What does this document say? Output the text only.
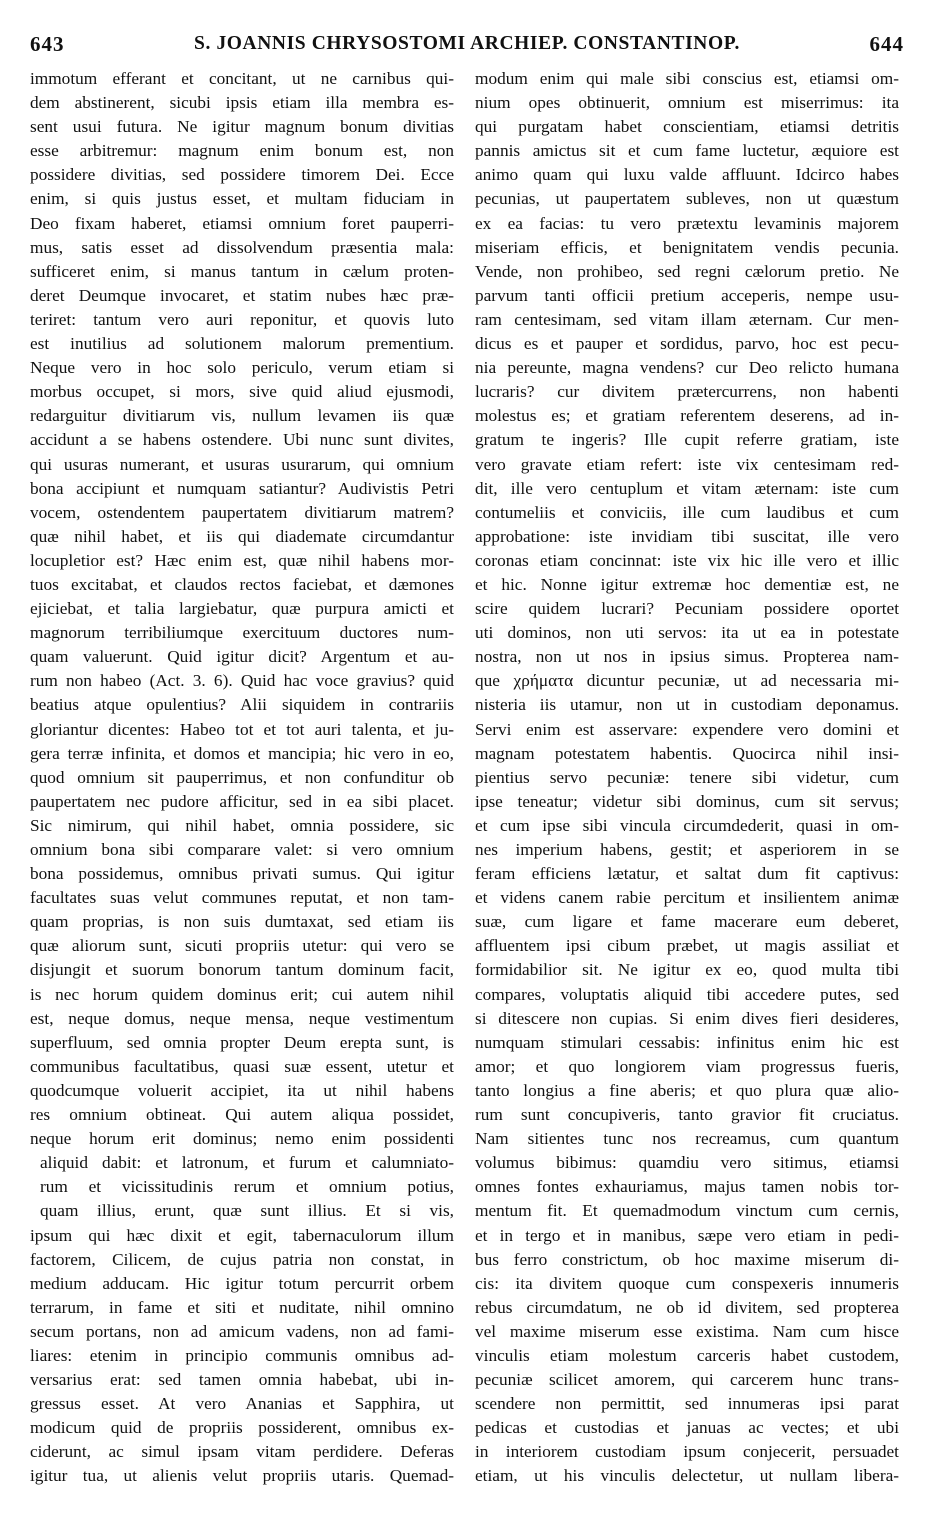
643	S. JOANNIS CHRYSOSTOMI ARCHIEP. CONSTANTINOP.	644
immotum efferant et concitant, ut ne carnibus qui-
dem abstinerent, sicubi ipsis etiam illa membra es-
sent usui futura. Ne igitur magnum bonum divitias
esse arbitremur: magnum enim bonum est, non
possidere divitias, sed possidere timorem Dei. Ecce
enim, si quis justus esset, et multam fiduciam in
Deo fixam haberet, etiamsi omnium foret pauperri-
mus, satis esset ad dissolvendum præsentia mala:
sufficeret enim, si manus tantum in cælum proten-
deret Deumque invocaret, et statim nubes hæc præ-
teriret: tantum vero auri reponitur, et quovis luto
est inutilius ad solutionem malorum prementium.
Neque vero in hoc solo periculo, verum etiam si
morbus occupet, si mors, sive quid aliud ejusmodi,
redarguitur divitiarum vis, nullum levamen iis quæ
accidunt a se habens ostendere. Ubi nunc sunt divites,
qui usuras numerant, et usuras usurarum, qui omnium
bona accipiunt et numquam satiantur? Audivistis Petri
vocem, ostendentem paupertatem divitiarum matrem?
quæ nihil habet, et iis qui diademate circumdantur
locupletior est? Hæc enim est, quæ nihil habens mor-
tuos excitabat, et claudos rectos faciebat, et dæmones
ejiciebat, et talia largiebatur, quæ purpura amicti et
magnorum terribiliumque exercituum ductores num-
quam valuerunt. Quid igitur dicit? Argentum et au-
rum non habeo (Act. 3. 6). Quid hac voce gravius? quid
beatius atque opulentius? Alii siquidem in contrariis
gloriantur dicentes: Habeo tot et tot auri talenta, et ju-
gera terræ infinita, et domos et mancipia; hic vero in eo,
quod omnium sit pauperrimus, et non confunditur ob
paupertatem nec pudore afficitur, sed in ea sibi placet.
Sic nimirum, qui nihil habet, omnia possidere, sic
omnium bona sibi comparare valet: si vero omnium
bona possidemus, omnibus privati sumus. Qui igitur
facultates suas velut communes reputat, et non tam-
quam proprias, is non suis dumtaxat, sed etiam iis
quæ aliorum sunt, sicuti propriis utetur: qui vero se
disjungit et suorum bonorum tantum dominum facit,
is nec horum quidem dominus erit; cui autem nihil
est, neque domus, neque mensa, neque vestimentum
superfluum, sed omnia propter Deum erepta sunt, is
communibus facultatibus, quasi suæ essent, utetur et
quodcumque voluerit accipiet, ita ut nihil habens
res omnium obtineat. Qui autem aliqua possidet,
neque horum erit dominus; nemo enim possidenti
aliquid dabit: et latronum, et furum et calumniato-
rum et vicissitudinis rerum et omnium potius,
quam illius, erunt, quæ sunt illius. Et si vis,
ipsum qui hæc dixit et egit, tabernaculorum illum
factorem, Cilicem, de cujus patria non constat, in
medium adducam. Hic igitur totum percurrit orbem
terrarum, in fame et siti et nuditate, nihil omnino
secum portans, non ad amicum vadens, non ad fami-
liares: etenim in principio communis omnibus ad-
versarius erat: sed tamen omnia habebat, ubi in-
gressus esset. At vero Ananias et Sapphira, ut
modicum quid de propriis possiderent, omnibus ex-
ciderunt, ac simul ipsam vitam perdidere. Deferas
igitur tua, ut alienis velut propriis utaris. Quemad-
modum enim qui male sibi conscius est, etiamsi om-
nium opes obtinuerit, omnium est miserrimus: ita
qui purgatam habet conscientiam, etiamsi detritis
pannis amictus sit et cum fame luctetur, æquiore est
animo quam qui luxu valde affluunt. Idcirco habes
pecunias, ut paupertatem subleves, non ut quæstum
ex ea facias: tu vero prætextu levaminis majorem
miseriam efficis, et benignitatem vendis pecunia.
Vende, non prohibeo, sed regni cælorum pretio. Ne
parvum tanti officii pretium acceperis, nempe usu-
ram centesimam, sed vitam illam æternam. Cur men-
dicus es et pauper et sordidus, parvo, hoc est pecu-
nia pereunte, magna vendens? cur Deo relicto humana
lucraris? cur divitem prætercurrens, non habenti
molestus es; et gratiam referentem deserens, ad in-
gratum te ingeris? Ille cupit referre gratiam, iste
vero gravate etiam refert: iste vix centesimam red-
dit, ille vero centuplum et vitam æternam: iste cum
contumeliis et conviciis, ille cum laudibus et cum
approbatione: iste invidiam tibi suscitat, ille vero
coronas etiam concinnat: iste vix hic ille vero et illic
et hic. Nonne igitur extremæ hoc dementiæ est, ne
scire quidem lucrari? Pecuniam possidere oportet
uti dominos, non uti servos: ita ut ea in potestate
nostra, non ut nos in ipsius simus. Propterea nam-
que χρήματα dicuntur pecuniæ, ut ad necessaria mi-
nisteria iis utamur, non ut in custodiam deponamus.
Servi enim est asservare: expendere vero domini et
magnam potestatem habentis. Quocirca nihil insi-
pientius servo pecuniæ: tenere sibi videtur, cum
ipse teneatur; videtur sibi dominus, cum sit servus;
et cum ipse sibi vincula circumdederit, quasi in om-
nes imperium habens, gestit; et asperiorem in se
feram efficiens lætatur, et saltat dum fit captivus:
et videns canem rabie percitum et insilientem animæ
suæ, cum ligare et fame macerare eum deberet,
affluentem ipsi cibum præbet, ut magis assiliat et
formidabilior sit. Ne igitur ex eo, quod multa tibi
compares, voluptatis aliquid tibi accedere putes, sed
si ditescere non cupias. Si enim dives fieri desideres,
numquam stimulari cessabis: infinitus enim hic est
amor; et quo longiorem viam progressus fueris,
tanto longius a fine aberis; et quo plura quæ alio-
rum sunt concupiveris, tanto gravior fit cruciatus.
Nam sitientes tunc nos recreamus, cum quantum
volumus bibimus: quamdiu vero sitimus, etiamsi
omnes fontes exhauriamus, majus tamen nobis tor-
mentum fit. Et quemadmodum vinctum cum cernis,
et in tergo et in manibus, sæpe vero etiam in pedi-
bus ferro constrictum, ob hoc maxime miserum di-
cis: ita divitem quoque cum conspexeris innumeris
rebus circumdatum, ne ob id divitem, sed propterea
vel maxime miserum esse existima. Nam cum hisce
vinculis etiam molestum carceris habet custodem,
pecuniæ scilicet amorem, qui carcerem hunc trans-
scendere non permittit, sed innumeras ipsi parat
pedicas et custodias et januas ac vectes; et ubi
in interiorem custodiam ipsum conjecerit, persuadet
etiam, ut his vinculis delectetur, ut nullam libera-
